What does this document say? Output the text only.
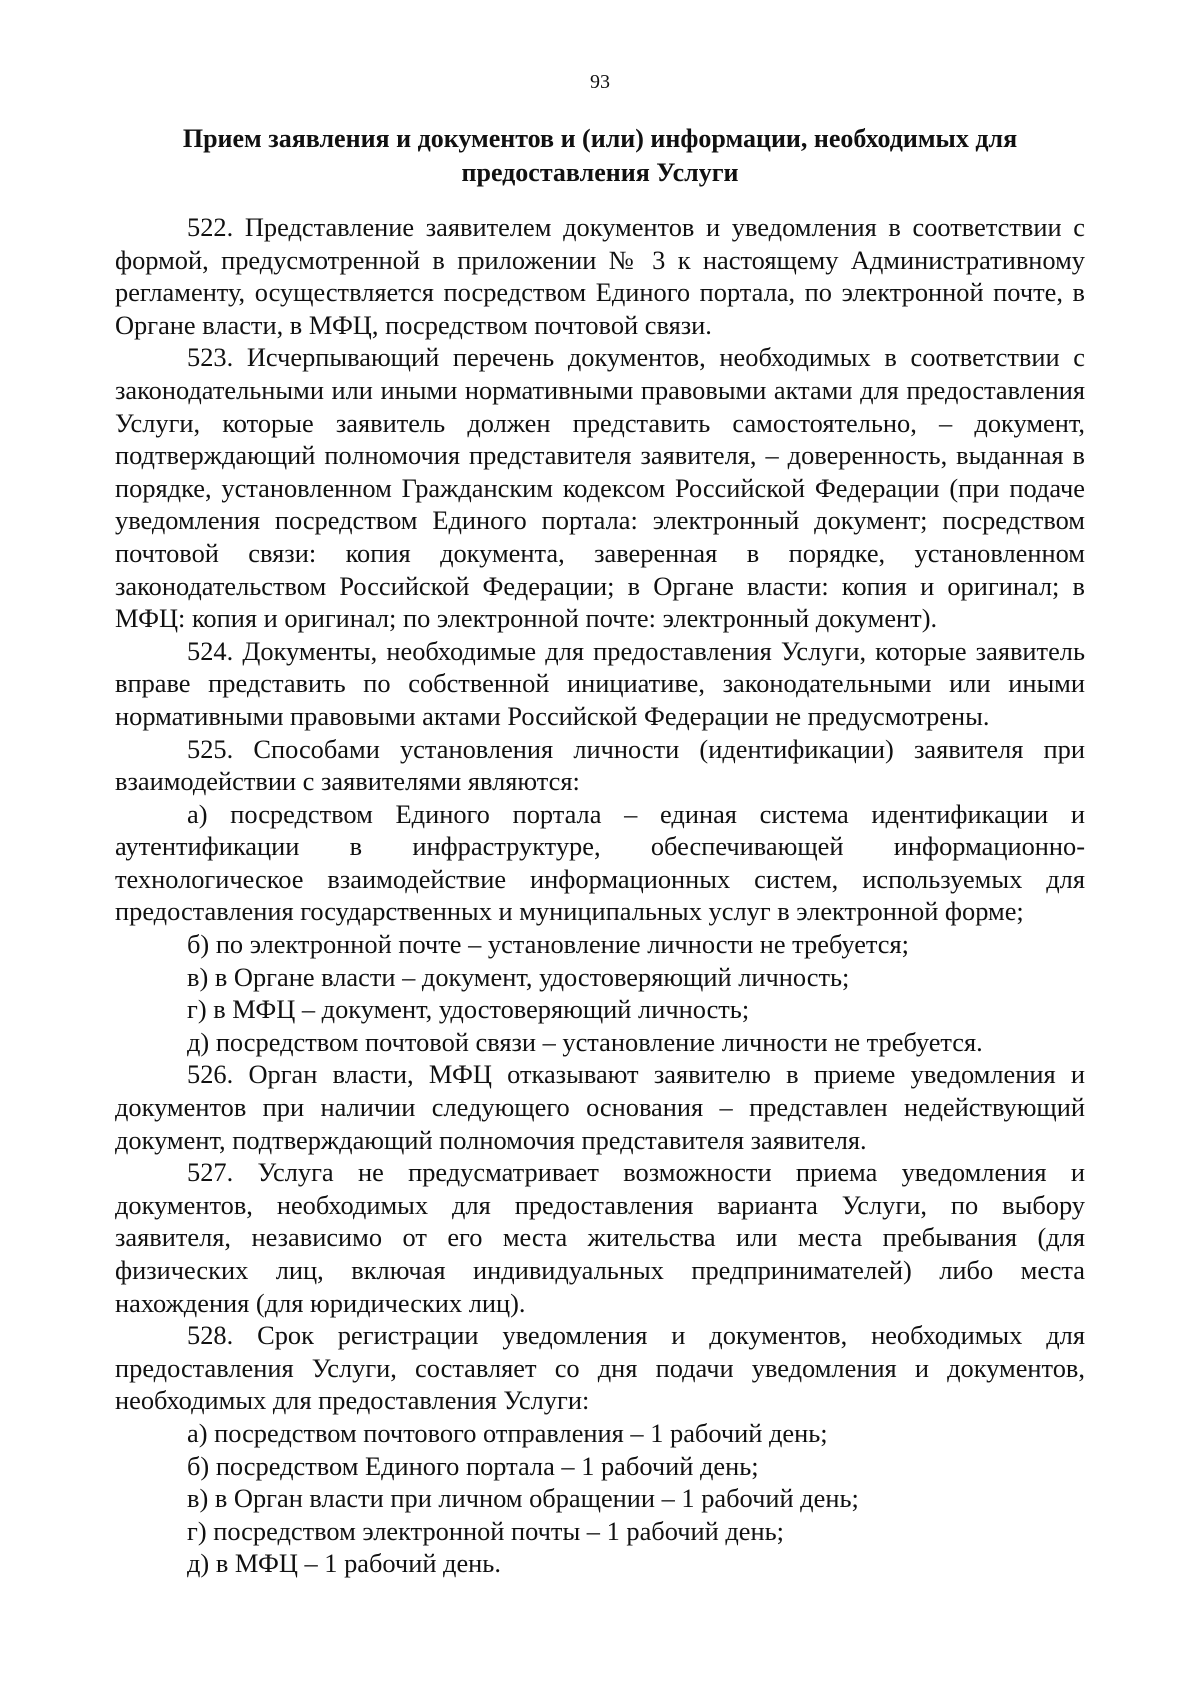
93
Прием заявления и документов и (или) информации, необходимых для
предоставления Услуги

522. Представление заявителем документов и уведомления в соответствии с формой, предусмотренной в приложении № 3 к настоящему Административному регламенту, осуществляется посредством Единого портала, по электронной почте, в Органе власти, в МФЦ, посредством почтовой связи.

523. Исчерпывающий перечень документов, необходимых в соответствии с законодательными или иными нормативными правовыми актами для предоставления Услуги, которые заявитель должен представить самостоятельно, – документ, подтверждающий полномочия представителя заявителя, – доверенность, выданная в порядке, установленном Гражданским кодексом Российской Федерации (при подаче уведомления посредством Единого портала: электронный документ; посредством почтовой связи: копия документа, заверенная в порядке, установленном законодательством Российской Федерации; в Органе власти: копия и оригинал; в МФЦ: копия и оригинал; по электронной почте: электронный документ).

524. Документы, необходимые для предоставления Услуги, которые заявитель вправе представить по собственной инициативе, законодательными или иными нормативными правовыми актами Российской Федерации не предусмотрены.

525. Способами установления личности (идентификации) заявителя при взаимодействии с заявителями являются:

а) посредством Единого портала – единая система идентификации и аутентификации в инфраструктуре, обеспечивающей информационно-технологическое взаимодействие информационных систем, используемых для предоставления государственных и муниципальных услуг в электронной форме;

б) по электронной почте – установление личности не требуется;

в) в Органе власти – документ, удостоверяющий личность;

г) в МФЦ – документ, удостоверяющий личность;

д) посредством почтовой связи – установление личности не требуется.

526. Орган власти, МФЦ отказывают заявителю в приеме уведомления и документов при наличии следующего основания – представлен недействующий документ, подтверждающий полномочия представителя заявителя.

527. Услуга не предусматривает возможности приема уведомления и документов, необходимых для предоставления варианта Услуги, по выбору заявителя, независимо от его места жительства или места пребывания (для физических лиц, включая индивидуальных предпринимателей) либо места нахождения (для юридических лиц).

528. Срок регистрации уведомления и документов, необходимых для предоставления Услуги, составляет со дня подачи уведомления и документов, необходимых для предоставления Услуги:

а) посредством почтового отправления – 1 рабочий день;

б) посредством Единого портала – 1 рабочий день;

в) в Орган власти при личном обращении – 1 рабочий день;

г) посредством электронной почты – 1 рабочий день;

д) в МФЦ – 1 рабочий день.
